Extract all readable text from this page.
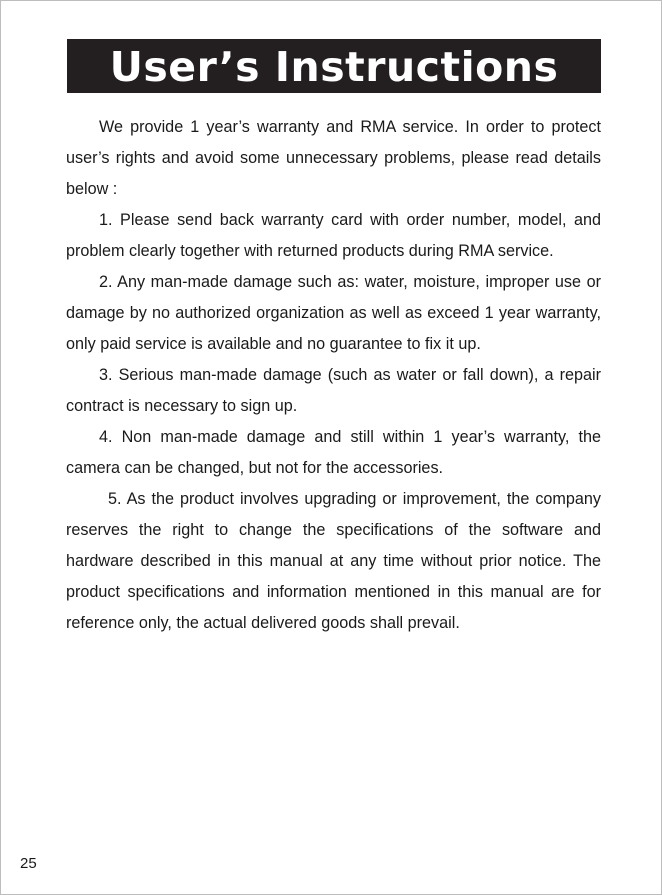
User’s Instructions

We provide 1 year’s warranty and RMA service. In order to protect user’s rights and avoid some unnecessary problems, please read details below :

1. Please send back warranty card with order number, model, and problem clearly together with returned products during RMA service.

2. Any man-made damage such as: water, moisture, improper use or damage by no authorized organization as well as exceed 1 year warranty, only paid service is available and no guarantee to fix it up.

3. Serious man-made damage (such as water or fall down), a repair contract is necessary to sign up.

4. Non man-made damage and still within 1 year’s warranty, the camera can be changed, but not for the accessories.

5. As the product involves upgrading or improvement, the company reserves the right to change the specifications of the software and hardware described in this manual at any time without prior notice. The product specifications and information mentioned in this manual are for reference only, the actual delivered goods shall prevail.

25
